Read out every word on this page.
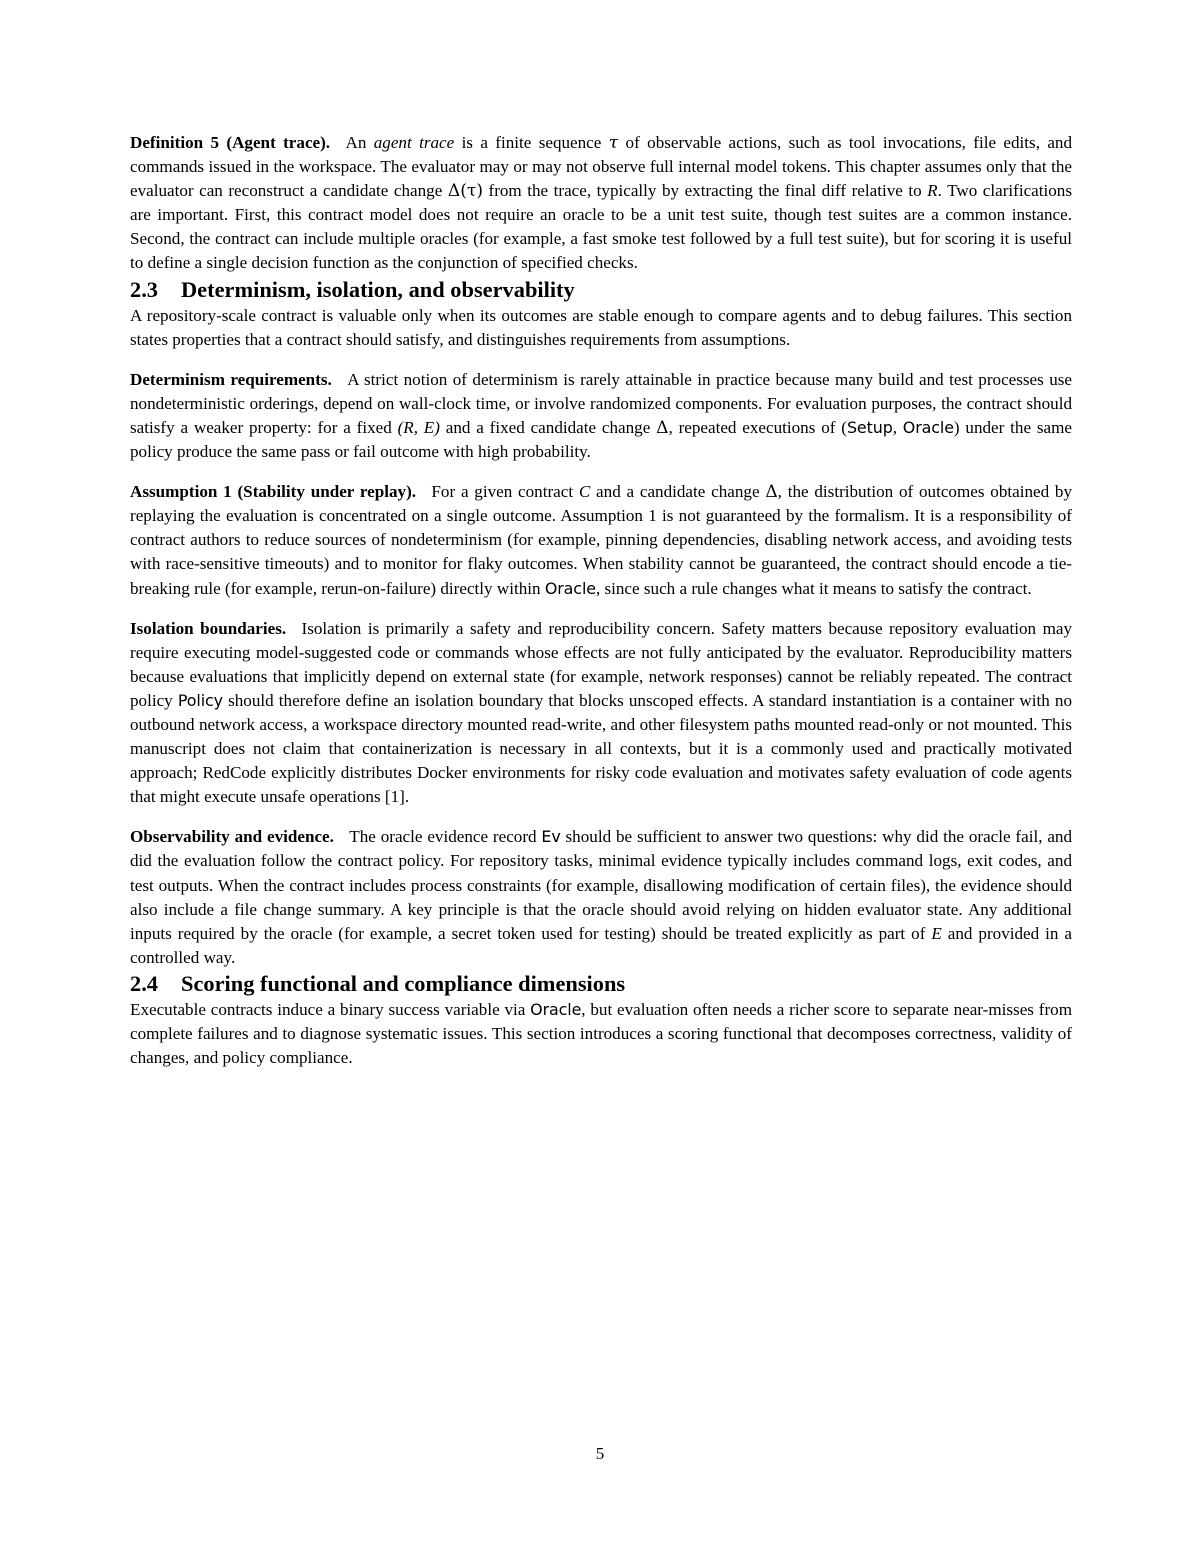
Definition 5 (Agent trace). An agent trace is a finite sequence τ of observable actions, such as tool invocations, file edits, and commands issued in the workspace. The evaluator may or may not observe full internal model tokens. This chapter assumes only that the evaluator can reconstruct a candidate change Δ(τ) from the trace, typically by extracting the final diff relative to R. Two clarifications are important. First, this contract model does not require an oracle to be a unit test suite, though test suites are a common instance. Second, the contract can include multiple oracles (for example, a fast smoke test followed by a full test suite), but for scoring it is useful to define a single decision function as the conjunction of specified checks.

2.3 Determinism, isolation, and observability

A repository-scale contract is valuable only when its outcomes are stable enough to compare agents and to debug failures. This section states properties that a contract should satisfy, and distinguishes requirements from assumptions.

Determinism requirements. A strict notion of determinism is rarely attainable in practice because many build and test processes use nondeterministic orderings, depend on wall-clock time, or involve randomized components. For evaluation purposes, the contract should satisfy a weaker property: for a fixed (R, E) and a fixed candidate change Δ, repeated executions of (Setup, Oracle) under the same policy produce the same pass or fail outcome with high probability.

Assumption 1 (Stability under replay). For a given contract C and a candidate change Δ, the distribution of outcomes obtained by replaying the evaluation is concentrated on a single outcome. Assumption 1 is not guaranteed by the formalism. It is a responsibility of contract authors to reduce sources of nondeterminism (for example, pinning dependencies, disabling network access, and avoiding tests with race-sensitive timeouts) and to monitor for flaky outcomes. When stability cannot be guaranteed, the contract should encode a tie-breaking rule (for example, rerun-on-failure) directly within Oracle, since such a rule changes what it means to satisfy the contract.

Isolation boundaries. Isolation is primarily a safety and reproducibility concern. Safety matters because repository evaluation may require executing model-suggested code or commands whose effects are not fully anticipated by the evaluator. Reproducibility matters because evaluations that implicitly depend on external state (for example, network responses) cannot be reliably repeated. The contract policy Policy should therefore define an isolation boundary that blocks unscoped effects. A standard instantiation is a container with no outbound network access, a workspace directory mounted read-write, and other filesystem paths mounted read-only or not mounted. This manuscript does not claim that containerization is necessary in all contexts, but it is a commonly used and practically motivated approach; RedCode explicitly distributes Docker environments for risky code evaluation and motivates safety evaluation of code agents that might execute unsafe operations [1].

Observability and evidence. The oracle evidence record Ev should be sufficient to answer two questions: why did the oracle fail, and did the evaluation follow the contract policy. For repository tasks, minimal evidence typically includes command logs, exit codes, and test outputs. When the contract includes process constraints (for example, disallowing modification of certain files), the evidence should also include a file change summary. A key principle is that the oracle should avoid relying on hidden evaluator state. Any additional inputs required by the oracle (for example, a secret token used for testing) should be treated explicitly as part of E and provided in a controlled way.

2.4 Scoring functional and compliance dimensions

Executable contracts induce a binary success variable via Oracle, but evaluation often needs a richer score to separate near-misses from complete failures and to diagnose systematic issues. This section introduces a scoring functional that decomposes correctness, validity of changes, and policy compliance.

5
